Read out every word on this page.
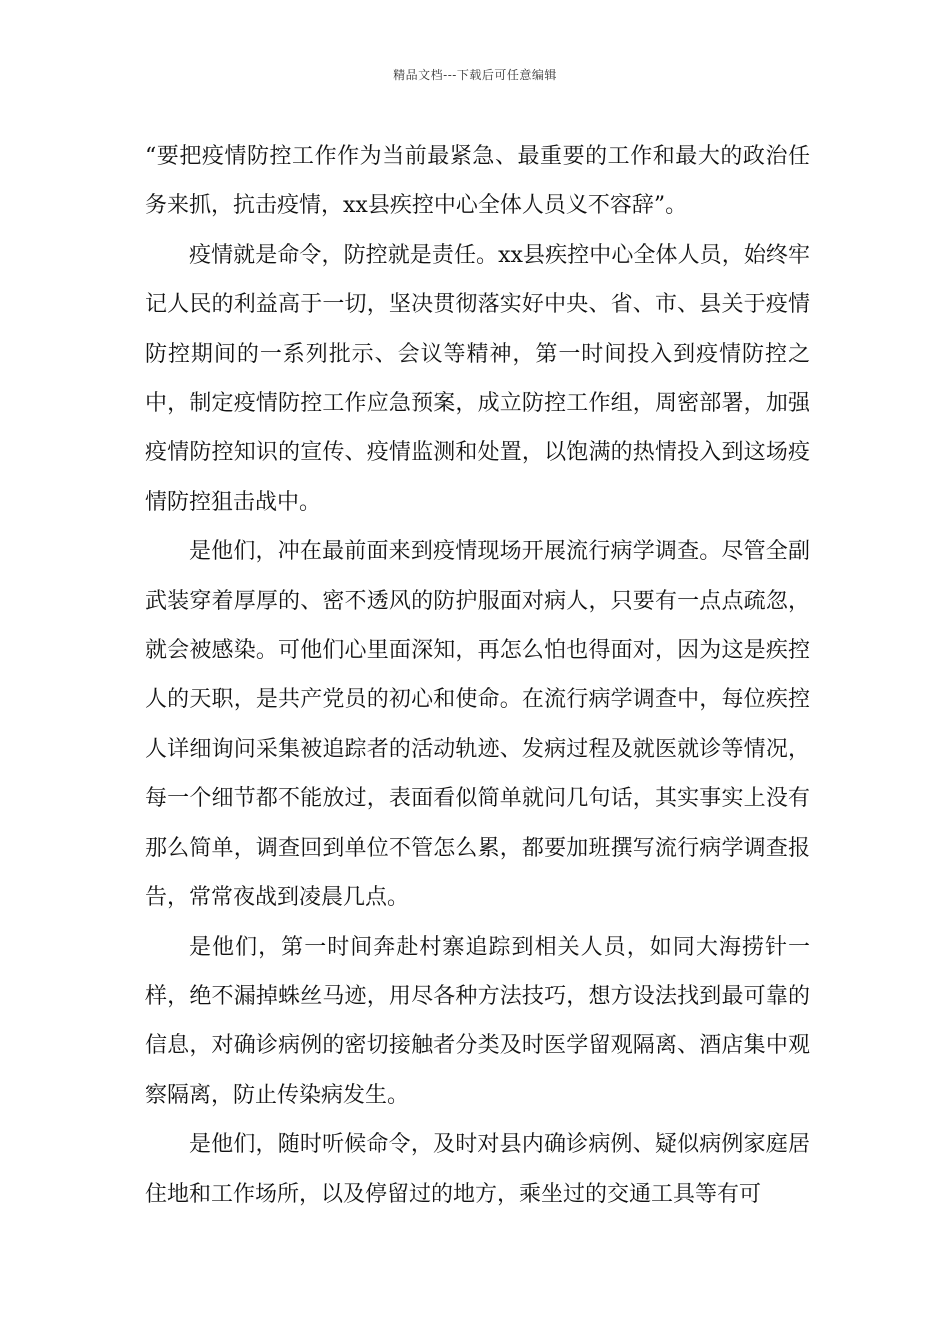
精品文档---下载后可任意编辑

“要把疫情防控工作作为当前最紧急、最重要的工作和最大的政治任务来抓，抗击疫情，xx县疾控中心全体人员义不容辞”。

疫情就是命令，防控就是责任。xx县疾控中心全体人员，始终牢记人民的利益高于一切，坚决贯彻落实好中央、省、市、县关于疫情防控期间的一系列批示、会议等精神，第一时间投入到疫情防控之中，制定疫情防控工作应急预案，成立防控工作组，周密部署，加强疫情防控知识的宣传、疫情监测和处置，以饱满的热情投入到这场疫情防控狙击战中。

是他们，冲在最前面来到疫情现场开展流行病学调查。尽管全副武装穿着厚厚的、密不透风的防护服面对病人，只要有一点点疏忽，就会被感染。可他们心里面深知，再怎么怕也得面对，因为这是疾控人的天职，是共产党员的初心和使命。在流行病学调查中，每位疾控人详细询问采集被追踪者的活动轨迹、发病过程及就医就诊等情况，每一个细节都不能放过，表面看似简单就问几句话，其实事实上没有那么简单，调查回到单位不管怎么累，都要加班撰写流行病学调查报告，常常夜战到凌晨几点。

是他们，第一时间奔赴村寨追踪到相关人员，如同大海捞针一样，绝不漏掉蛛丝马迹，用尽各种方法技巧，想方设法找到最可靠的信息，对确诊病例的密切接触者分类及时医学留观隔离、酒店集中观察隔离，防止传染病发生。

是他们，随时听候命令，及时对县内确诊病例、疑似病例家庭居住地和工作场所，以及停留过的地方，乘坐过的交通工具等有可
